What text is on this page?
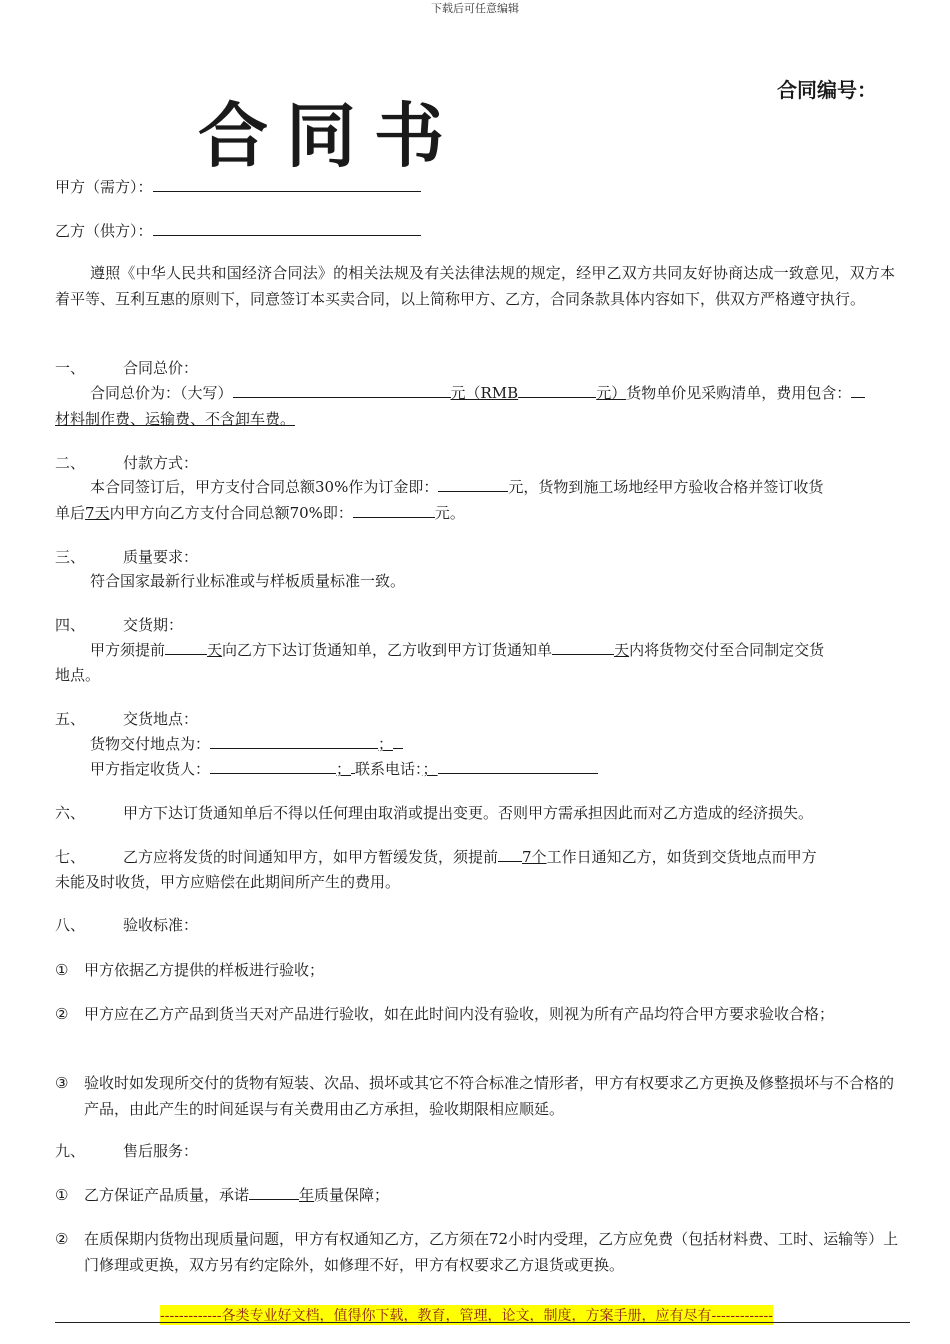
下载后可任意编辑
合同编号：
合同书
甲方（需方）：
乙方（供方）：
遵照《中华人民共和国经济合同法》的相关法规及有关法律法规的规定，经甲乙双方共同友好协商达成一致意见，双方本着平等、互利互惠的原则下，同意签订本买卖合同，以上简称甲方、乙方，合同条款具体内容如下，供双方严格遵守执行。
一、	合同总价：
合同总价为：（大写）	元（RMB	元）货物单价见采购清单，费用包含：
材料制作费、运输费、不含卸车费。
二、	付款方式：
本合同签订后，甲方支付合同总额30%作为订金即：	元，货物到施工场地经甲方验收合格并签订收货
单后7天内甲方向乙方支付合同总额70%即：	元。
三、	质量要求：
符合国家最新行业标准或与样板质量标准一致。
四、	交货期：
甲方须提前	天向乙方下达订货通知单，乙方收到甲方订货通知单	天内将货物交付至合同制定交货
地点。
五、	交货地点：
货物交付地点为：	；
甲方指定收货人：	； 联系电话：；
六、	甲方下达订货通知单后不得以任何理由取消或提出变更。否则甲方需承担因此而对乙方造成的经济损失。
七、	乙方应将发货的时间通知甲方，如甲方暂缓发货，须提前 7个工作日通知乙方，如货到交货地点而甲方
未能及时收货，甲方应赔偿在此期间所产生的费用。
八、	验收标准：
① 甲方依据乙方提供的样板进行验收；
② 甲方应在乙方产品到货当天对产品进行验收，如在此时间内没有验收，则视为所有产品均符合甲方要求验收合格；
③ 验收时如发现所交付的货物有短装、次品、损坏或其它不符合标准之情形者，甲方有权要求乙方更换及修整损坏与不合格的产品，由此产生的时间延误与有关费用由乙方承担，验收期限相应顺延。
九、	售后服务：
① 乙方保证产品质量，承诺	年质量保障；
② 在质保期内货物出现质量问题，甲方有权通知乙方，乙方须在72小时内受理，乙方应免费（包括材料费、工时、运输等）上门修理或更换，双方另有约定除外，如修理不好，甲方有权要求乙方退货或更换。
-------------各类专业好文档，值得你下载，教育，管理，论文，制度，方案手册，应有尽有-------------
